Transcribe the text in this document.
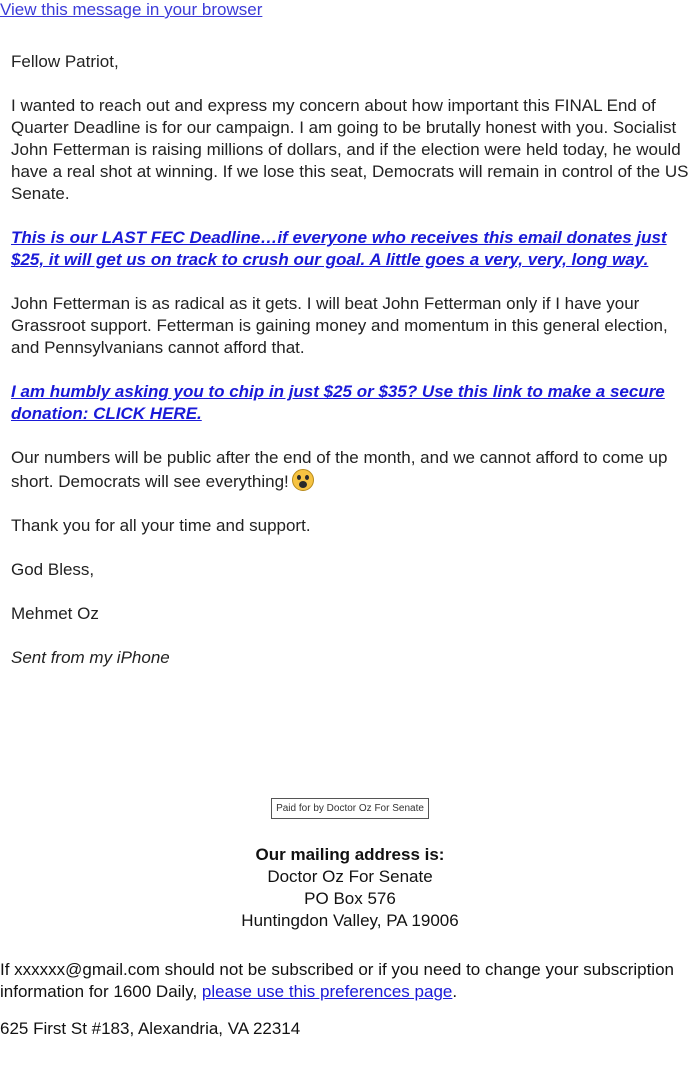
View this message in your browser

Fellow Patriot,

I wanted to reach out and express my concern about how important this FINAL End of Quarter Deadline is for our campaign. I am going to be brutally honest with you. Socialist John Fetterman is raising millions of dollars, and if the election were held today, he would have a real shot at winning. If we lose this seat, Democrats will remain in control of the US Senate.

This is our LAST FEC Deadline…if everyone who receives this email donates just $25, it will get us on track to crush our goal. A little goes a very, very, long way.

John Fetterman is as radical as it gets. I will beat John Fetterman only if I have your Grassroot support. Fetterman is gaining money and momentum in this general election, and Pennsylvanians cannot afford that.

I am humbly asking you to chip in just $25 or $35? Use this link to make a secure donation: CLICK HERE.

Our numbers will be public after the end of the month, and we cannot afford to come up short. Democrats will see everything!

Thank you for all your time and support.

God Bless,

Mehmet Oz

Sent from my iPhone

Paid for by Doctor Oz For Senate
Our mailing address is:
Doctor Oz For Senate
PO Box 576
Huntingdon Valley, PA 19006
If xxxxxx@gmail.com should not be subscribed or if you need to change your subscription information for 1600 Daily, please use this preferences page.
625 First St #183, Alexandria, VA 22314
